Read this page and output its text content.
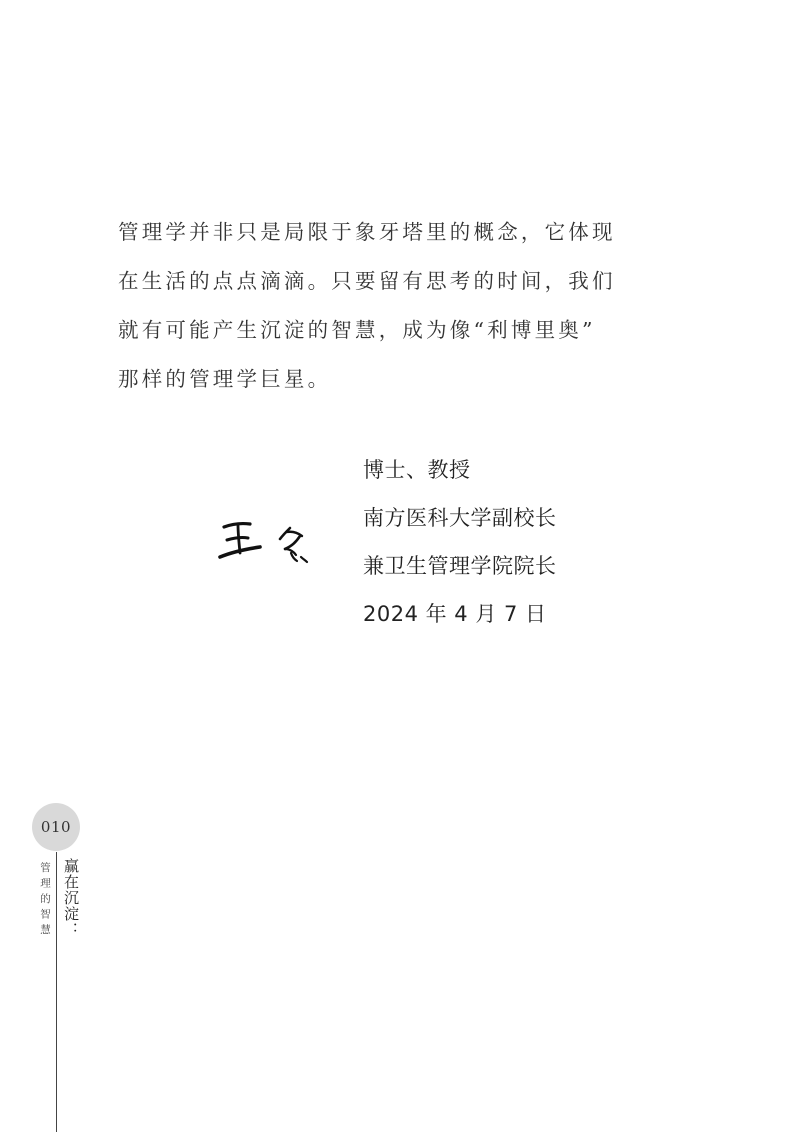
管理学并非只是局限于象牙塔里的概念，它体现
在生活的点点滴滴。只要留有思考的时间，我们
就有可能产生沉淀的智慧，成为像“利博里奥”
那样的管理学巨星。
博士、教授
南方医科大学副校长
兼卫生管理学院院长
2024 年 4 月 7 日
010
赢在沉淀：
管理的智慧
